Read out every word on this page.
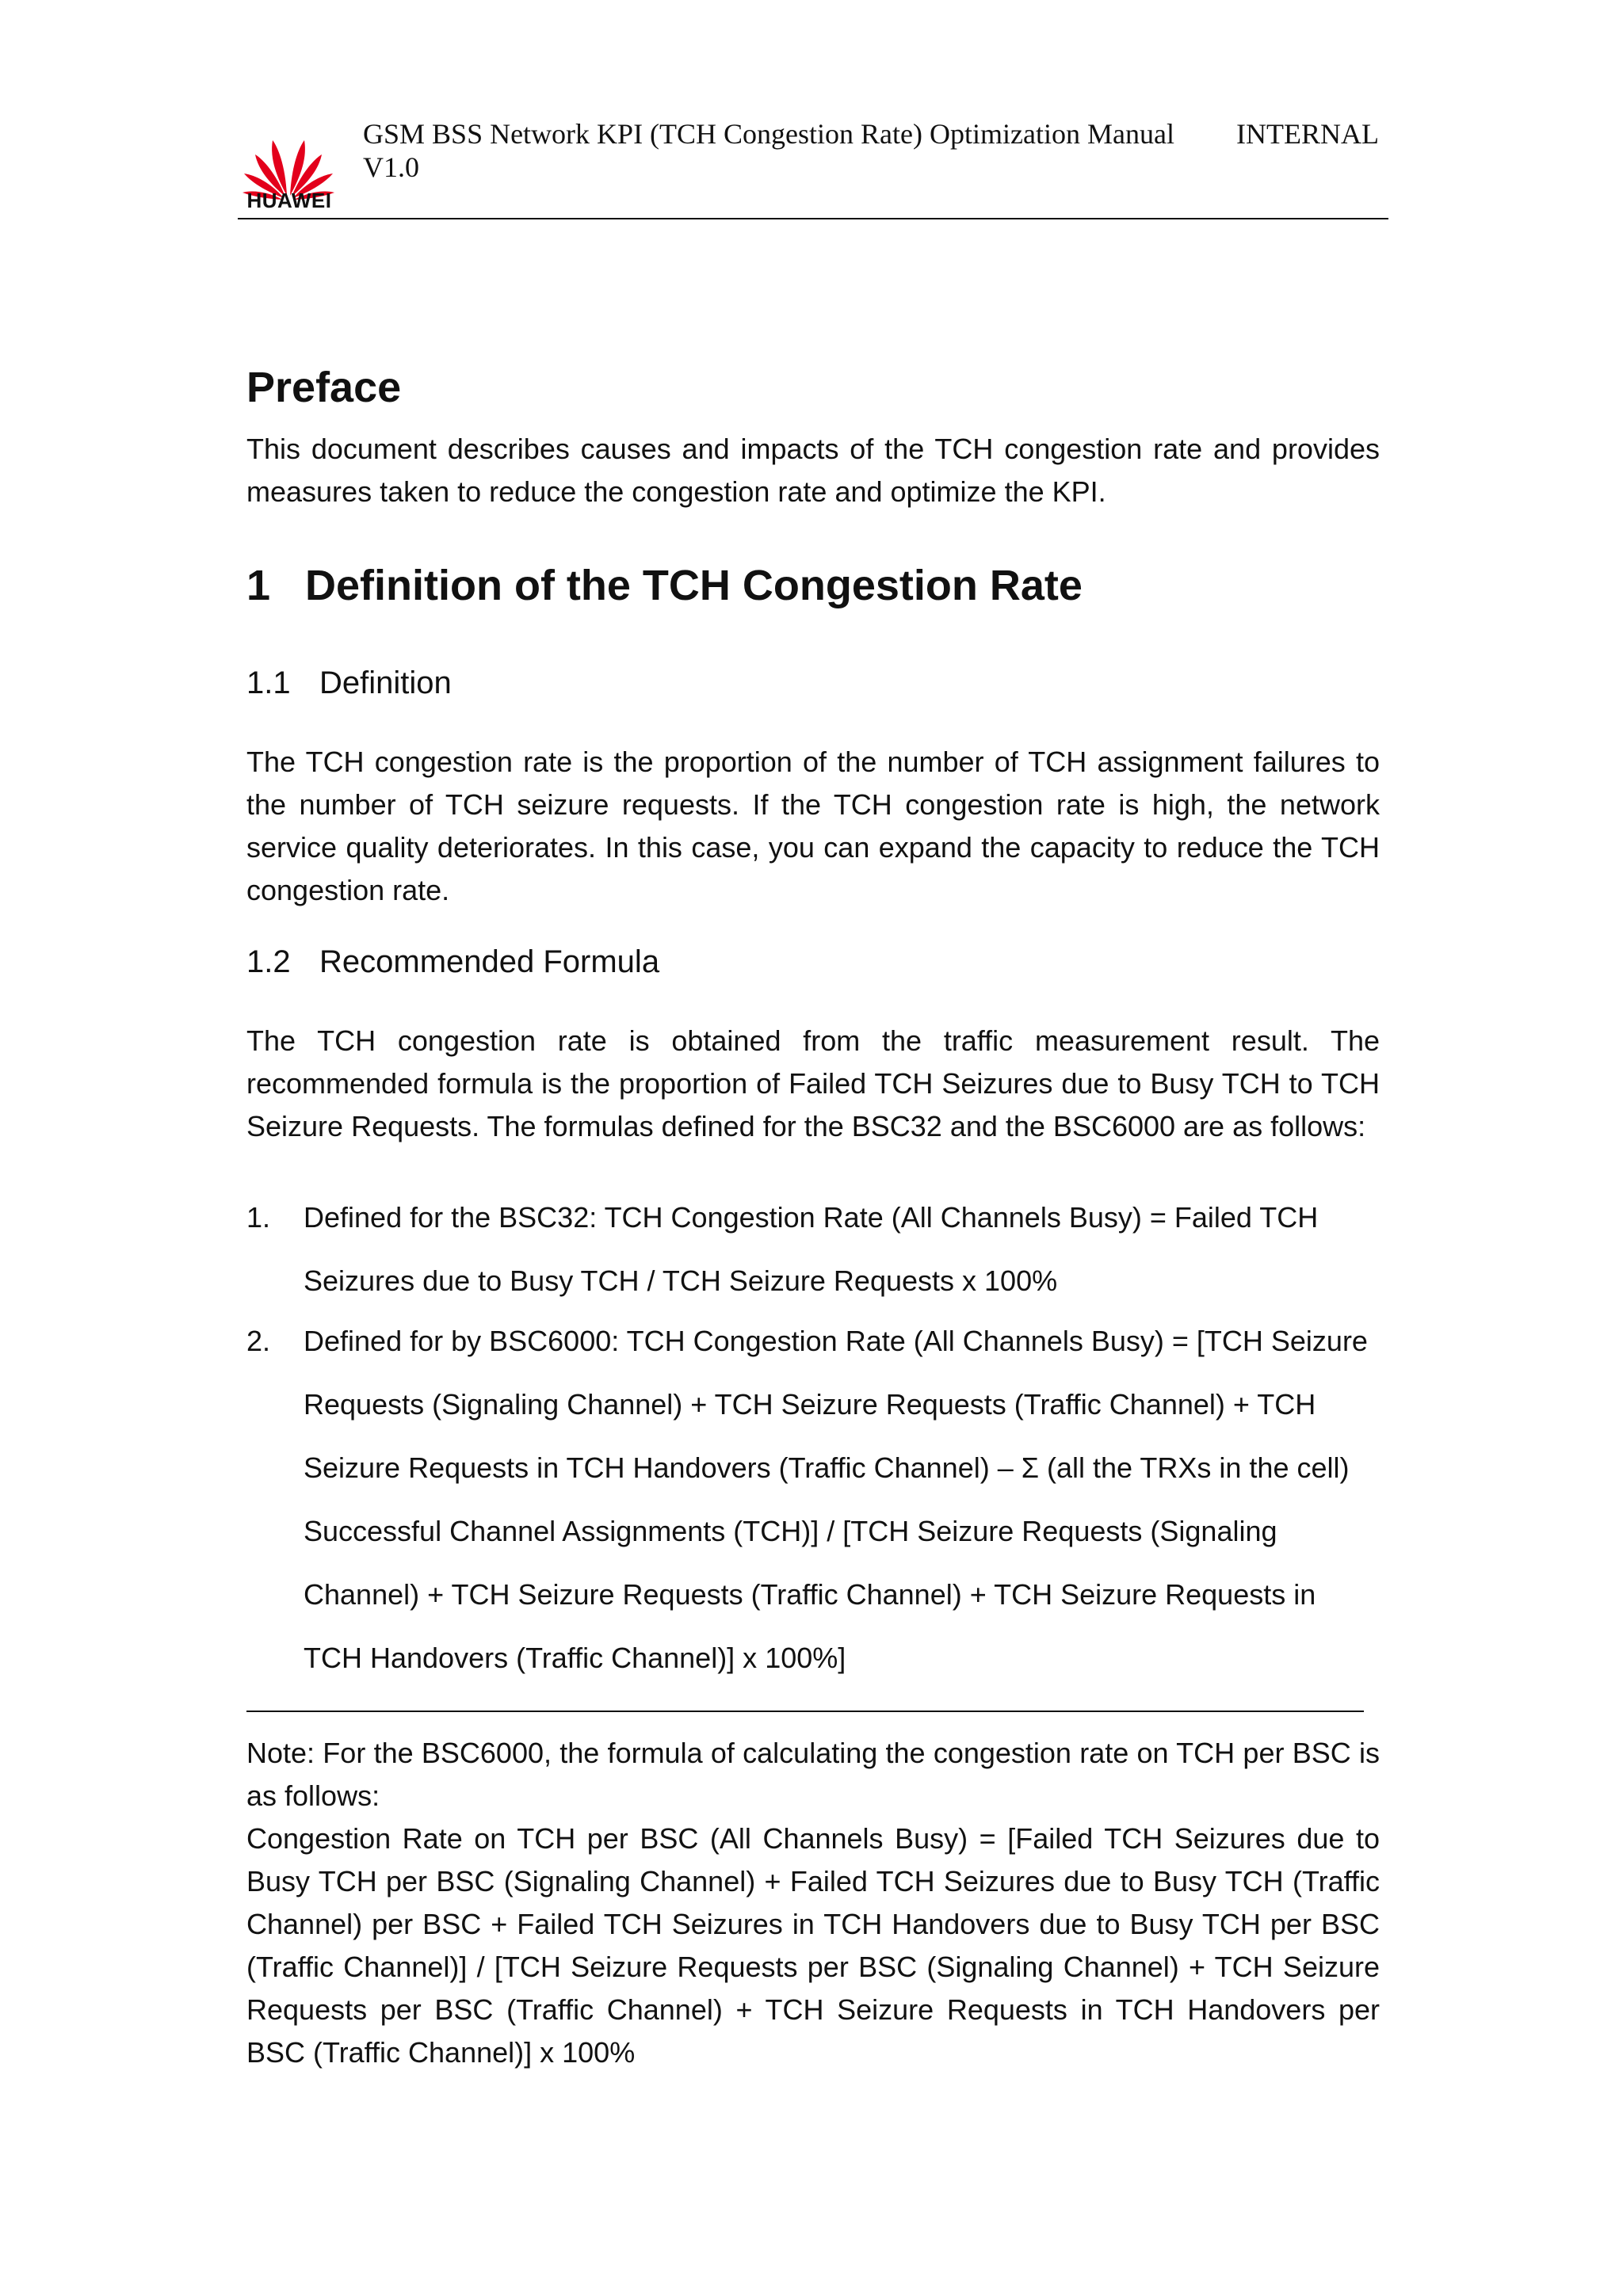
HUAWEI
GSM BSS Network KPI (TCH Congestion Rate) Optimization Manual V1.0
INTERNAL
Preface

This document describes causes and impacts of the TCH congestion rate and provides measures taken to reduce the congestion rate and optimize the KPI.

1 Definition of the TCH Congestion Rate
1.1 Definition

The TCH congestion rate is the proportion of the number of TCH assignment failures to the number of TCH seizure requests. If the TCH congestion rate is high, the network service quality deteriorates. In this case, you can expand the capacity to reduce the TCH congestion rate.

1.2 Recommended Formula

The TCH congestion rate is obtained from the traffic measurement result. The recommended formula is the proportion of Failed TCH Seizures due to Busy TCH to TCH Seizure Requests. The formulas defined for the BSC32 and the BSC6000 are as follows:

1. Defined for the BSC32: TCH Congestion Rate (All Channels Busy) = Failed TCH
Seizures due to Busy TCH / TCH Seizure Requests x 100%
2. Defined for by BSC6000: TCH Congestion Rate (All Channels Busy) = [TCH Seizure
Requests (Signaling Channel) + TCH Seizure Requests (Traffic Channel) + TCH
Seizure Requests in TCH Handovers (Traffic Channel) – Σ (all the TRXs in the cell)
Successful Channel Assignments (TCH)] / [TCH Seizure Requests (Signaling
Channel) + TCH Seizure Requests (Traffic Channel) + TCH Seizure Requests in
TCH Handovers (Traffic Channel)] x 100%]

Note: For the BSC6000, the formula of calculating the congestion rate on TCH per BSC is as follows:

Congestion Rate on TCH per BSC (All Channels Busy) = [Failed TCH Seizures due to Busy TCH per BSC (Signaling Channel) + Failed TCH Seizures due to Busy TCH (Traffic Channel) per BSC + Failed TCH Seizures in TCH Handovers due to Busy TCH per BSC (Traffic Channel)] / [TCH Seizure Requests per BSC (Signaling Channel) + TCH Seizure Requests per BSC (Traffic Channel) + TCH Seizure Requests in TCH Handovers per BSC (Traffic Channel)] x 100%
